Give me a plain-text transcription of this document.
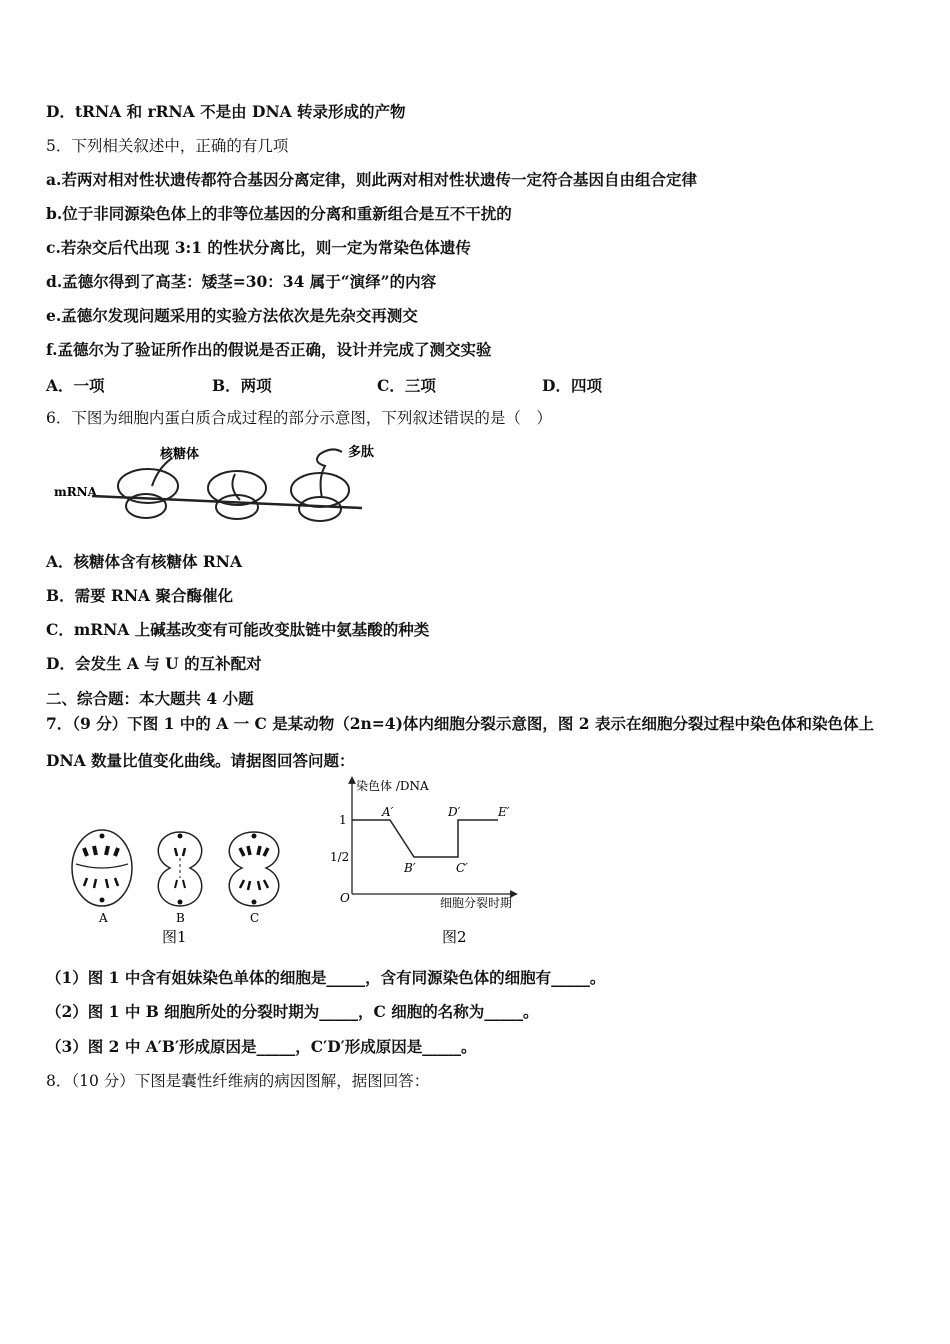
D．tRNA 和 rRNA 不是由 DNA 转录形成的产物
5．下列相关叙述中，正确的有几项
a.若两对相对性状遗传都符合基因分离定律，则此两对相对性状遗传一定符合基因自由组合定律
b.位于非同源染色体上的非等位基因的分离和重新组合是互不干扰的
c.若杂交后代出现 3:1 的性状分离比，则一定为常染色体遗传
d.孟德尔得到了高茎：矮茎=30：34 属于“演绎”的内容
e.孟德尔发现问题采用的实验方法依次是先杂交再测交
f.孟德尔为了验证所作出的假说是否正确，设计并完成了测交实验
A．一项	B．两项	C．三项	D．四项
6．下图为细胞内蛋白质合成过程的部分示意图，下列叙述错误的是（　）
核糖体	多肽
mRNA
A．核糖体含有核糖体 RNA
B．需要 RNA 聚合酶催化
C．mRNA 上碱基改变有可能改变肽链中氨基酸的种类
D．会发生 A 与 U 的互补配对
二、综合题：本大题共 4 小题
7．（9 分）下图 1 中的 A 一 C 是某动物（2n=4)体内细胞分裂示意图，图 2 表示在细胞分裂过程中染色体和染色体上
DNA 数量比值变化曲线。请据图回答问题：
A	B	C
图1
染色体 /DNA
1
1/2
O
A′
B′	C′
D′	E′
细胞分裂时期
图2
（1）图 1 中含有姐妹染色单体的细胞是_____，含有同源染色体的细胞有_____。
（2）图 1 中 B 细胞所处的分裂时期为_____，C 细胞的名称为_____。
（3）图 2 中 A′B′形成原因是_____，C′D′形成原因是_____。
8．（10 分）下图是囊性纤维病的病因图解，据图回答：
